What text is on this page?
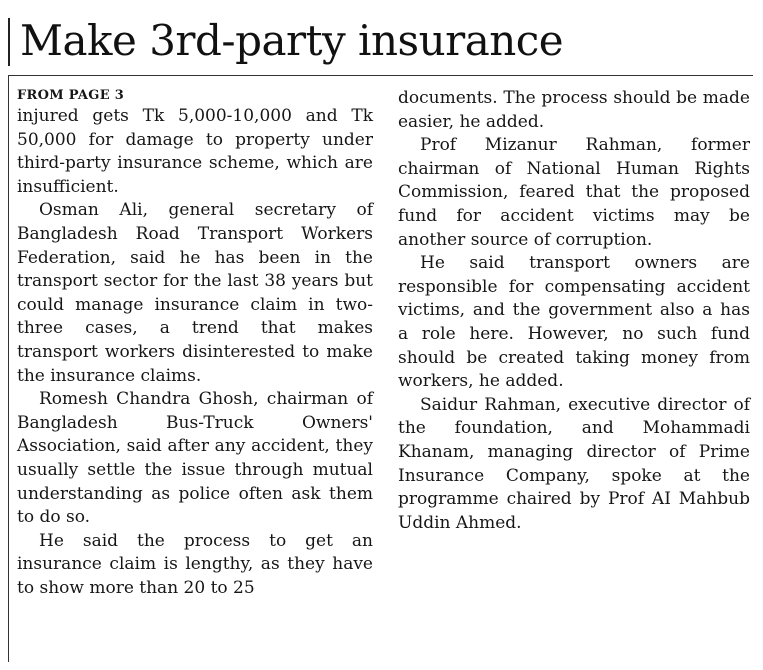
Make 3rd-party insurance
FROM PAGE 3

injured gets Tk 5,000-10,000 and Tk 50,000 for damage to property under third-party insurance scheme, which are insufficient.

Osman Ali, general secretary of Bangladesh Road Transport Workers Federation, said he has been in the transport sector for the last 38 years but could manage insurance claim in two-three cases, a trend that makes transport workers disinterested to make the insurance claims.

Romesh Chandra Ghosh, chairman of Bangladesh Bus-Truck Owners' Association, said after any accident, they usually settle the issue through mutual understanding as police often ask them to do so.

He said the process to get an insurance claim is lengthy, as they have to show more than 20 to 25

documents. The process should be made easier, he added.

Prof Mizanur Rahman, former chairman of National Human Rights Commission, feared that the proposed fund for accident victims may be another source of corruption.

He said transport owners are responsible for compensating accident victims, and the government also a has a role here. However, no such fund should be created taking money from workers, he added.

Saidur Rahman, executive director of the foundation, and Mohammadi Khanam, managing director of Prime Insurance Company, spoke at the programme chaired by Prof AI Mahbub Uddin Ahmed.
